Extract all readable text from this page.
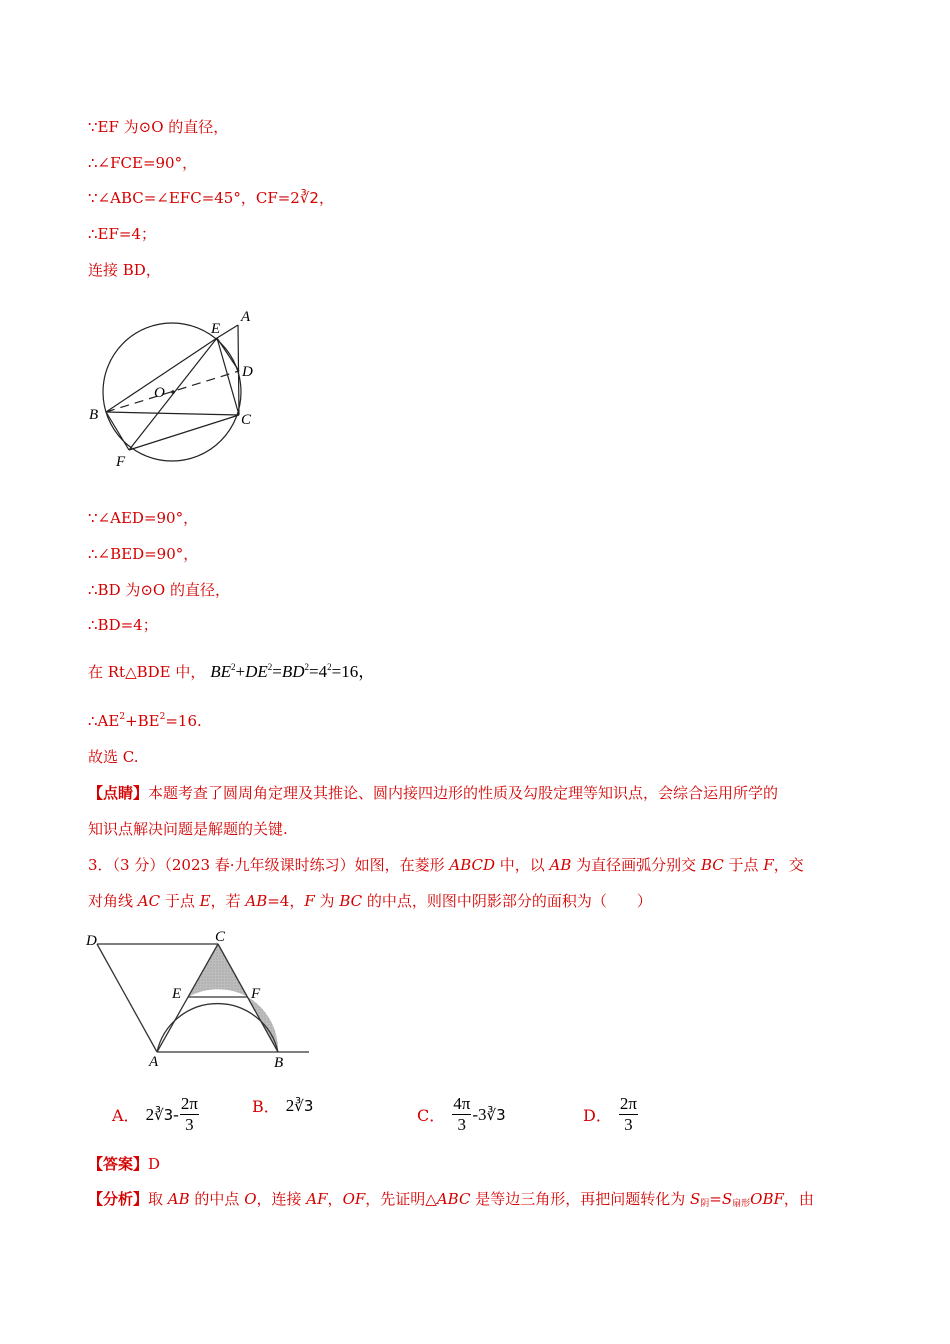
∵EF 为⊙O 的直径，
∴∠FCE=90°，
∵∠ABC=∠EFC=45°，CF=2∛2，
∴EF=4；
连接 BD，
A
E
D
O
B	C
F
∵∠AED=90°，
∴∠BED=90°，
∴BD 为⊙O 的直径，
∴BD=4；
在 Rt△BDE 中， $BE^2+DE^2=BD^2=4^2=16$，
$\therefore AE^2+BE^2=16$.
故选 C.
【点睛】本题考查了圆周角定理及其推论、圆内接四边形的性质及勾股定理等知识点，会综合运用所学的
知识点解决问题是解题的关键.
3．（3 分）（2023 春·九年级课时练习）如图，在菱形 ABCD 中，以 AB 为直径画弧分别交 BC 于点 F，交
对角线 AC 于点 E，若 AB=4，F 为 BC 的中点，则图中阴影部分的面积为（　　）
D	C
E	F
A	B
A． 2 ∛3 - $\frac{2\pi}{3}$	B． 2 ∛3
C． $\frac{4\pi}{3} -3$ ∛3	D． $\frac{2\pi}{3}$
【答案】D
【分析】取 AB 的中点 O，连接 AF，OF，先证明△ABC 是等边三角形，再把问题转化为 $S_阴=S_{扇形}OBF$，由
